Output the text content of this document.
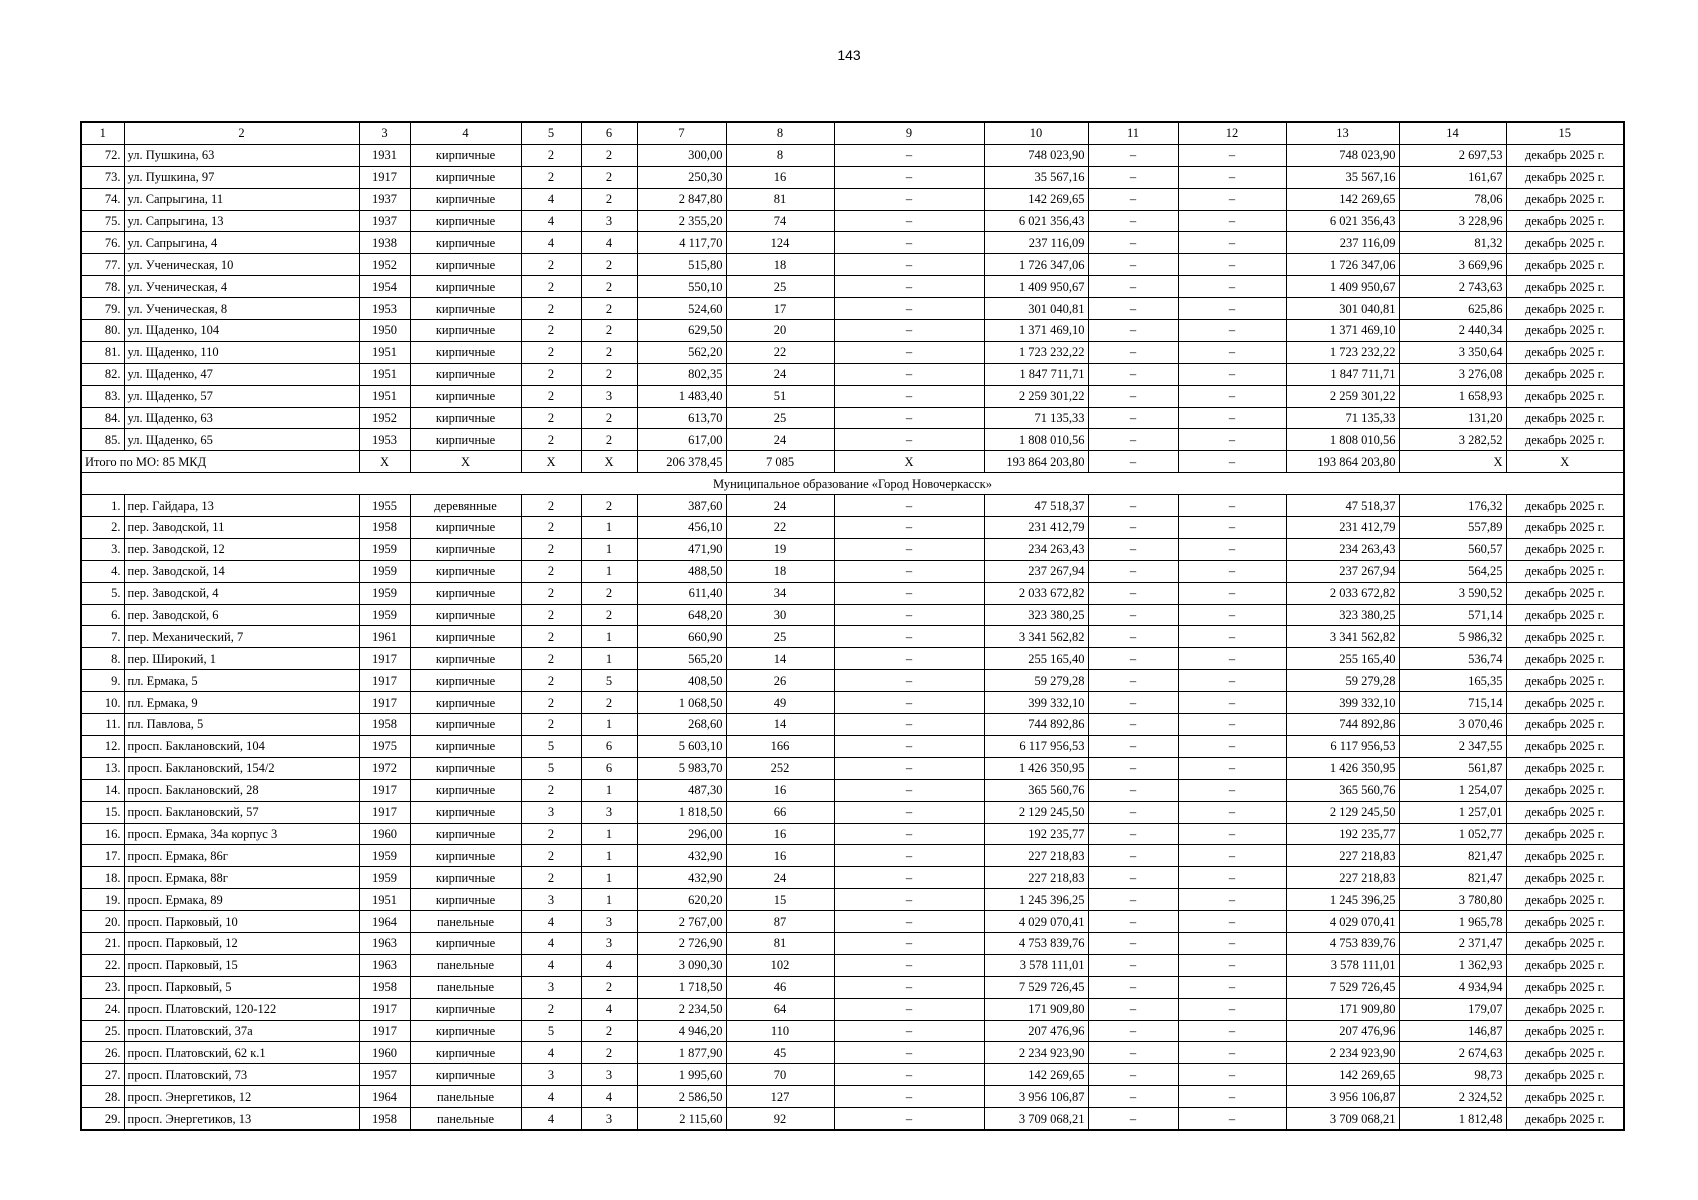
143
1	2	3	4	5	6	7	8	9	10	11	12	13	14	15
72.	ул. Пушкина, 63	1931	кирпичные	2	2	300,00	8	–	748 023,90	–	–	748 023,90	2 697,53	декабрь 2025 г.
73.	ул. Пушкина, 97	1917	кирпичные	2	2	250,30	16	–	35 567,16	–	–	35 567,16	161,67	декабрь 2025 г.
74.	ул. Сапрыгина, 11	1937	кирпичные	4	2	2 847,80	81	–	142 269,65	–	–	142 269,65	78,06	декабрь 2025 г.
75.	ул. Сапрыгина, 13	1937	кирпичные	4	3	2 355,20	74	–	6 021 356,43	–	–	6 021 356,43	3 228,96	декабрь 2025 г.
76.	ул. Сапрыгина, 4	1938	кирпичные	4	4	4 117,70	124	–	237 116,09	–	–	237 116,09	81,32	декабрь 2025 г.
77.	ул. Ученическая, 10	1952	кирпичные	2	2	515,80	18	–	1 726 347,06	–	–	1 726 347,06	3 669,96	декабрь 2025 г.
78.	ул. Ученическая, 4	1954	кирпичные	2	2	550,10	25	–	1 409 950,67	–	–	1 409 950,67	2 743,63	декабрь 2025 г.
79.	ул. Ученическая, 8	1953	кирпичные	2	2	524,60	17	–	301 040,81	–	–	301 040,81	625,86	декабрь 2025 г.
80.	ул. Щаденко, 104	1950	кирпичные	2	2	629,50	20	–	1 371 469,10	–	–	1 371 469,10	2 440,34	декабрь 2025 г.
81.	ул. Щаденко, 110	1951	кирпичные	2	2	562,20	22	–	1 723 232,22	–	–	1 723 232,22	3 350,64	декабрь 2025 г.
82.	ул. Щаденко, 47	1951	кирпичные	2	2	802,35	24	–	1 847 711,71	–	–	1 847 711,71	3 276,08	декабрь 2025 г.
83.	ул. Щаденко, 57	1951	кирпичные	2	3	1 483,40	51	–	2 259 301,22	–	–	2 259 301,22	1 658,93	декабрь 2025 г.
84.	ул. Щаденко, 63	1952	кирпичные	2	2	613,70	25	–	71 135,33	–	–	71 135,33	131,20	декабрь 2025 г.
85.	ул. Щаденко, 65	1953	кирпичные	2	2	617,00	24	–	1 808 010,56	–	–	1 808 010,56	3 282,52	декабрь 2025 г.
Итого по МО: 85 МКД		X	X	X	X	206 378,45	7 085	X	193 864 203,80	–	–	193 864 203,80	X	X
Муниципальное образование «Город Новочеркасск»														
1.	пер. Гайдара, 13	1955	деревянные	2	2	387,60	24	–	47 518,37	–	–	47 518,37	176,32	декабрь 2025 г.
2.	пер. Заводской, 11	1958	кирпичные	2	1	456,10	22	–	231 412,79	–	–	231 412,79	557,89	декабрь 2025 г.
3.	пер. Заводской, 12	1959	кирпичные	2	1	471,90	19	–	234 263,43	–	–	234 263,43	560,57	декабрь 2025 г.
4.	пер. Заводской, 14	1959	кирпичные	2	1	488,50	18	–	237 267,94	–	–	237 267,94	564,25	декабрь 2025 г.
5.	пер. Заводской, 4	1959	кирпичные	2	2	611,40	34	–	2 033 672,82	–	–	2 033 672,82	3 590,52	декабрь 2025 г.
6.	пер. Заводской, 6	1959	кирпичные	2	2	648,20	30	–	323 380,25	–	–	323 380,25	571,14	декабрь 2025 г.
7.	пер. Механический, 7	1961	кирпичные	2	1	660,90	25	–	3 341 562,82	–	–	3 341 562,82	5 986,32	декабрь 2025 г.
8.	пер. Широкий, 1	1917	кирпичные	2	1	565,20	14	–	255 165,40	–	–	255 165,40	536,74	декабрь 2025 г.
9.	пл. Ермака, 5	1917	кирпичные	2	5	408,50	26	–	59 279,28	–	–	59 279,28	165,35	декабрь 2025 г.
10.	пл. Ермака, 9	1917	кирпичные	2	2	1 068,50	49	–	399 332,10	–	–	399 332,10	715,14	декабрь 2025 г.
11.	пл. Павлова, 5	1958	кирпичные	2	1	268,60	14	–	744 892,86	–	–	744 892,86	3 070,46	декабрь 2025 г.
12.	просп. Баклановский, 104	1975	кирпичные	5	6	5 603,10	166	–	6 117 956,53	–	–	6 117 956,53	2 347,55	декабрь 2025 г.
13.	просп. Баклановский, 154/2	1972	кирпичные	5	6	5 983,70	252	–	1 426 350,95	–	–	1 426 350,95	561,87	декабрь 2025 г.
14.	просп. Баклановский, 28	1917	кирпичные	2	1	487,30	16	–	365 560,76	–	–	365 560,76	1 254,07	декабрь 2025 г.
15.	просп. Баклановский, 57	1917	кирпичные	3	3	1 818,50	66	–	2 129 245,50	–	–	2 129 245,50	1 257,01	декабрь 2025 г.
16.	просп. Ермака, 34а корпус 3	1960	кирпичные	2	1	296,00	16	–	192 235,77	–	–	192 235,77	1 052,77	декабрь 2025 г.
17.	просп. Ермака, 86г	1959	кирпичные	2	1	432,90	16	–	227 218,83	–	–	227 218,83	821,47	декабрь 2025 г.
18.	просп. Ермака, 88г	1959	кирпичные	2	1	432,90	24	–	227 218,83	–	–	227 218,83	821,47	декабрь 2025 г.
19.	просп. Ермака, 89	1951	кирпичные	3	1	620,20	15	–	1 245 396,25	–	–	1 245 396,25	3 780,80	декабрь 2025 г.
20.	просп. Парковый, 10	1964	панельные	4	3	2 767,00	87	–	4 029 070,41	–	–	4 029 070,41	1 965,78	декабрь 2025 г.
21.	просп. Парковый, 12	1963	кирпичные	4	3	2 726,90	81	–	4 753 839,76	–	–	4 753 839,76	2 371,47	декабрь 2025 г.
22.	просп. Парковый, 15	1963	панельные	4	4	3 090,30	102	–	3 578 111,01	–	–	3 578 111,01	1 362,93	декабрь 2025 г.
23.	просп. Парковый, 5	1958	панельные	3	2	1 718,50	46	–	7 529 726,45	–	–	7 529 726,45	4 934,94	декабрь 2025 г.
24.	просп. Платовский, 120-122	1917	кирпичные	2	4	2 234,50	64	–	171 909,80	–	–	171 909,80	179,07	декабрь 2025 г.
25.	просп. Платовский, 37а	1917	кирпичные	5	2	4 946,20	110	–	207 476,96	–	–	207 476,96	146,87	декабрь 2025 г.
26.	просп. Платовский, 62 к.1	1960	кирпичные	4	2	1 877,90	45	–	2 234 923,90	–	–	2 234 923,90	2 674,63	декабрь 2025 г.
27.	просп. Платовский, 73	1957	кирпичные	3	3	1 995,60	70	–	142 269,65	–	–	142 269,65	98,73	декабрь 2025 г.
28.	просп. Энергетиков, 12	1964	панельные	4	4	2 586,50	127	–	3 956 106,87	–	–	3 956 106,87	2 324,52	декабрь 2025 г.
29.	просп. Энергетиков, 13	1958	панельные	4	3	2 115,60	92	–	3 709 068,21	–	–	3 709 068,21	1 812,48	декабрь 2025 г.
